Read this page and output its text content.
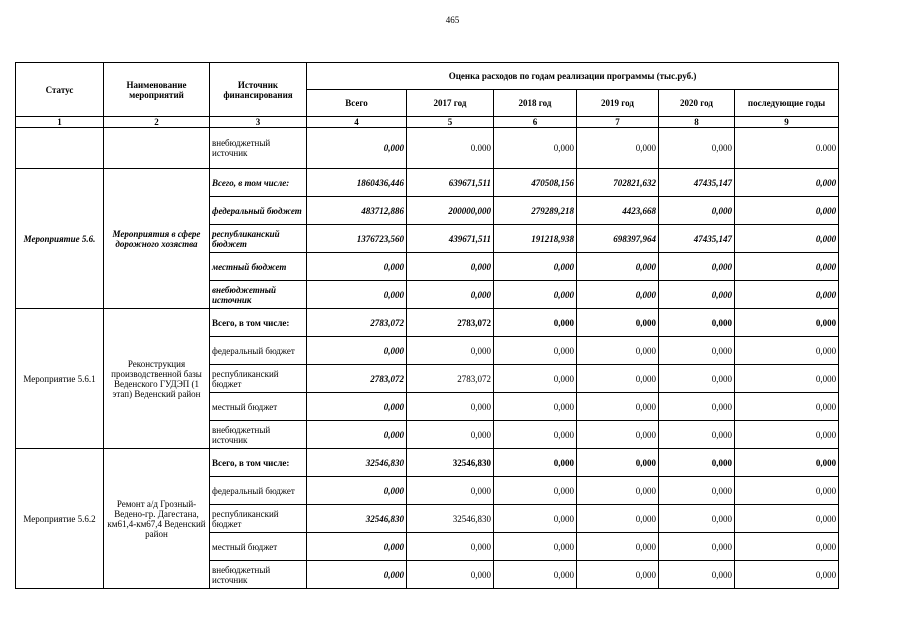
465
Статус	Наименование мероприятий	Источник финансирования	Оценка расходов по годам реализации программы (тыс.руб.)					
			Всего	2017 год	2018 год	2019 год	2020 год	последующие годы
1	2	3	4	5	6	7	8	9
		внебюджетный источник	0,000	0.000	0,000	0,000	0,000	0.000
Мероприятие 5.6.	Мероприятия в сфере дорожного хозяства	Всего, в том числе:	1860436,446	639671,511	470508,156	702821,632	47435,147	0,000
		федеральный бюджет	483712,886	200000,000	279289,218	4423,668	0,000	0,000
		республиканский бюджет	1376723,560	439671,511	191218,938	698397,964	47435,147	0,000
		местный бюджет	0,000	0,000	0,000	0,000	0,000	0,000
		внебюджетный источник	0,000	0,000	0,000	0,000	0,000	0,000
Мероприятие 5.6.1	Реконструкция производственной базы Веденского ГУДЭП (1 этап) Веденский район	Всего, в том числе:	2783,072	2783,072	0,000	0,000	0,000	0,000
		федеральный бюджет	0,000	0,000	0,000	0,000	0,000	0,000
		республиканский бюджет	2783,072	2783,072	0,000	0,000	0,000	0,000
		местный бюджет	0,000	0,000	0,000	0,000	0,000	0,000
		внебюджетный источник	0,000	0,000	0,000	0,000	0,000	0,000
Мероприятие 5.6.2	Ремонт а/д Грозный-Ведено-гр. Дагестана, км61,4-км67,4 Веденский район	Всего, в том числе:	32546,830	32546,830	0,000	0,000	0,000	0,000
		федеральный бюджет	0,000	0,000	0,000	0,000	0,000	0,000
		республиканский бюджет	32546,830	32546,830	0,000	0,000	0,000	0,000
		местный бюджет	0,000	0,000	0,000	0,000	0,000	0,000
		внебюджетный источник	0,000	0,000	0,000	0,000	0,000	0,000
